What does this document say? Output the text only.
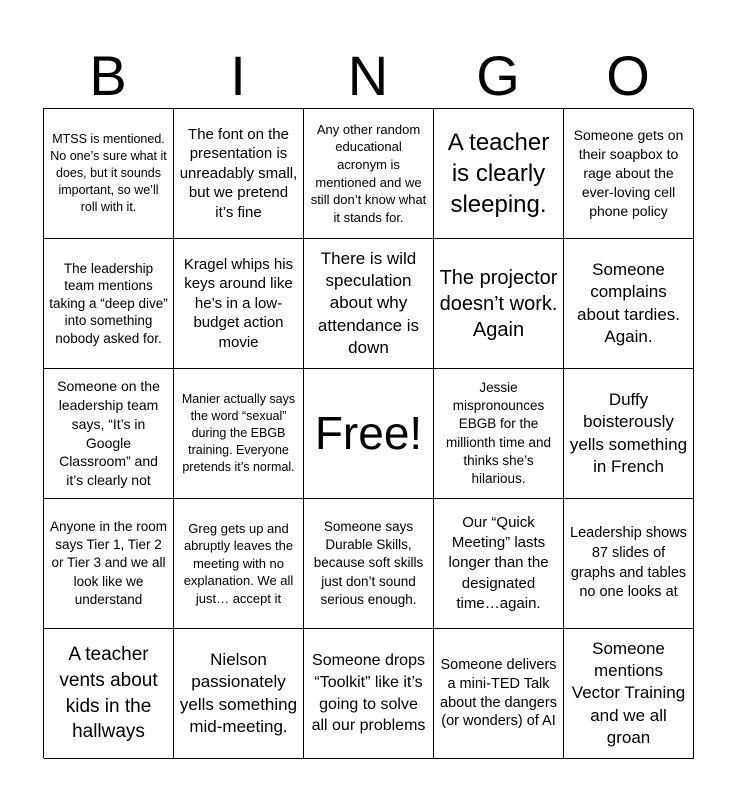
B	I	N	G	O
MTSS is mentioned. No one’s sure what it does, but it sounds important, so we’ll roll with it.
The font on the presentation is unreadably small, but we pretend it’s fine
Any other random educational acronym is mentioned and we still don’t know what it stands for.
A teacher is clearly sleeping.
Someone gets on their soapbox to rage about the ever-loving cell phone policy
The leadership team mentions taking a “deep dive” into something nobody asked for.
Kragel whips his keys around like he’s in a low-budget action movie
There is wild speculation about why attendance is down
The projector doesn’t work. Again
Someone complains about tardies. Again.
Someone on the leadership team says, “It’s in Google Classroom” and it’s clearly not
Manier actually says the word “sexual” during the EBGB training. Everyone pretends it’s normal.
Free!
Jessie mispronounces EBGB for the millionth time and thinks she’s hilarious.
Duffy boisterously yells something in French
Anyone in the room says Tier 1, Tier 2 or Tier 3 and we all look like we understand
Greg gets up and abruptly leaves the meeting with no explanation. We all just… accept it
Someone says Durable Skills, because soft skills just don’t sound serious enough.
Our “Quick Meeting” lasts longer than the designated time…again.
Leadership shows 87 slides of graphs and tables no one looks at
A teacher vents about kids in the hallways
Nielson passionately yells something mid-meeting.
Someone drops “Toolkit” like it’s going to solve all our problems
Someone delivers a mini-TED Talk about the dangers (or wonders) of AI
Someone mentions Vector Training and we all groan
